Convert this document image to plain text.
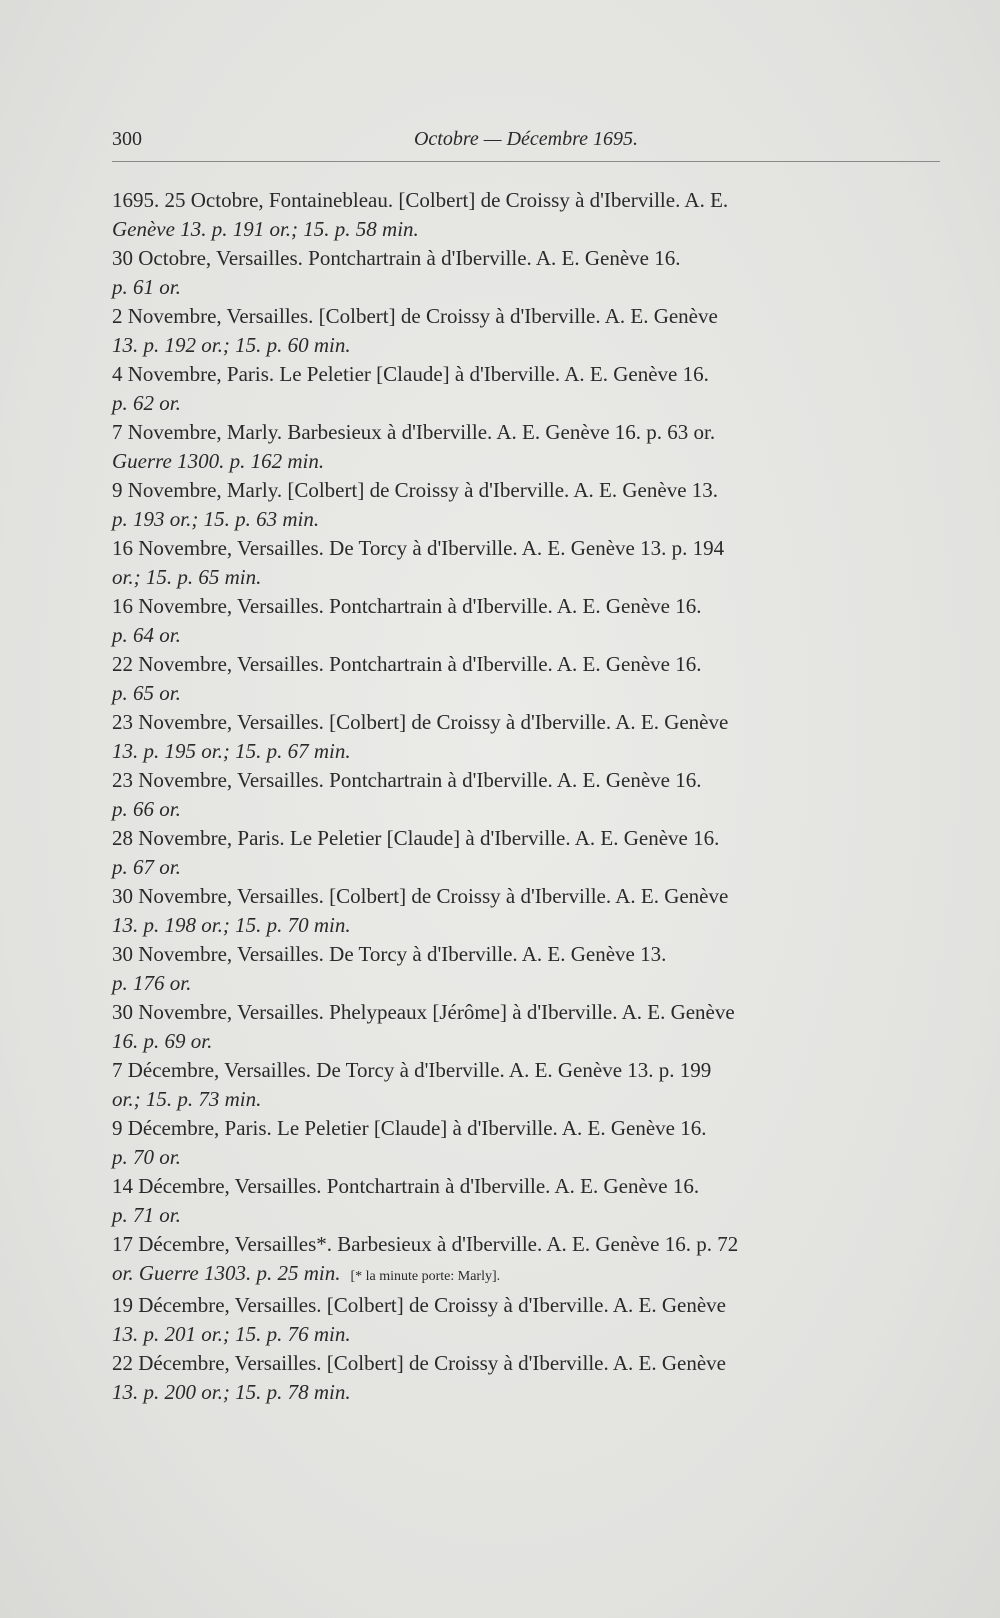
300	Octobre — Décembre 1695.
1695. 25 Octobre, Fontainebleau. [Colbert] de Croissy à d'Iberville. A. E.
Genève 13. p. 191 or.; 15. p. 58 min.
30 Octobre, Versailles. Pontchartrain à d'Iberville. A. E. Genève 16.
p. 61 or.
2 Novembre, Versailles. [Colbert] de Croissy à d'Iberville. A. E. Genève
13. p. 192 or.; 15. p. 60 min.
4 Novembre, Paris. Le Peletier [Claude] à d'Iberville. A. E. Genève 16.
p. 62 or.
7 Novembre, Marly. Barbesieux à d'Iberville. A. E. Genève 16. p. 63 or.
Guerre 1300. p. 162 min.
9 Novembre, Marly. [Colbert] de Croissy à d'Iberville. A. E. Genève 13.
p. 193 or.; 15. p. 63 min.
16 Novembre, Versailles. De Torcy à d'Iberville. A. E. Genève 13. p. 194
or.; 15. p. 65 min.
16 Novembre, Versailles. Pontchartrain à d'Iberville. A. E. Genève 16.
p. 64 or.
22 Novembre, Versailles. Pontchartrain à d'Iberville. A. E. Genève 16.
p. 65 or.
23 Novembre, Versailles. [Colbert] de Croissy à d'Iberville. A. E. Genève
13. p. 195 or.; 15. p. 67 min.
23 Novembre, Versailles. Pontchartrain à d'Iberville. A. E. Genève 16.
p. 66 or.
28 Novembre, Paris. Le Peletier [Claude] à d'Iberville. A. E. Genève 16.
p. 67 or.
30 Novembre, Versailles. [Colbert] de Croissy à d'Iberville. A. E. Genève
13. p. 198 or.; 15. p. 70 min.
30 Novembre, Versailles. De Torcy à d'Iberville. A. E. Genève 13.
p. 176 or.
30 Novembre, Versailles. Phelypeaux [Jérôme] à d'Iberville. A. E. Genève
16. p. 69 or.
7 Décembre, Versailles. De Torcy à d'Iberville. A. E. Genève 13. p. 199
or.; 15. p. 73 min.
9 Décembre, Paris. Le Peletier [Claude] à d'Iberville. A. E. Genève 16.
p. 70 or.
14 Décembre, Versailles. Pontchartrain à d'Iberville. A. E. Genève 16.
p. 71 or.
17 Décembre, Versailles*. Barbesieux à d'Iberville. A. E. Genève 16. p. 72
or. Guerre 1303. p. 25 min. [* la minute porte: Marly].
19 Décembre, Versailles. [Colbert] de Croissy à d'Iberville. A. E. Genève
13. p. 201 or.; 15. p. 76 min.
22 Décembre, Versailles. [Colbert] de Croissy à d'Iberville. A. E. Genève
13. p. 200 or.; 15. p. 78 min.
